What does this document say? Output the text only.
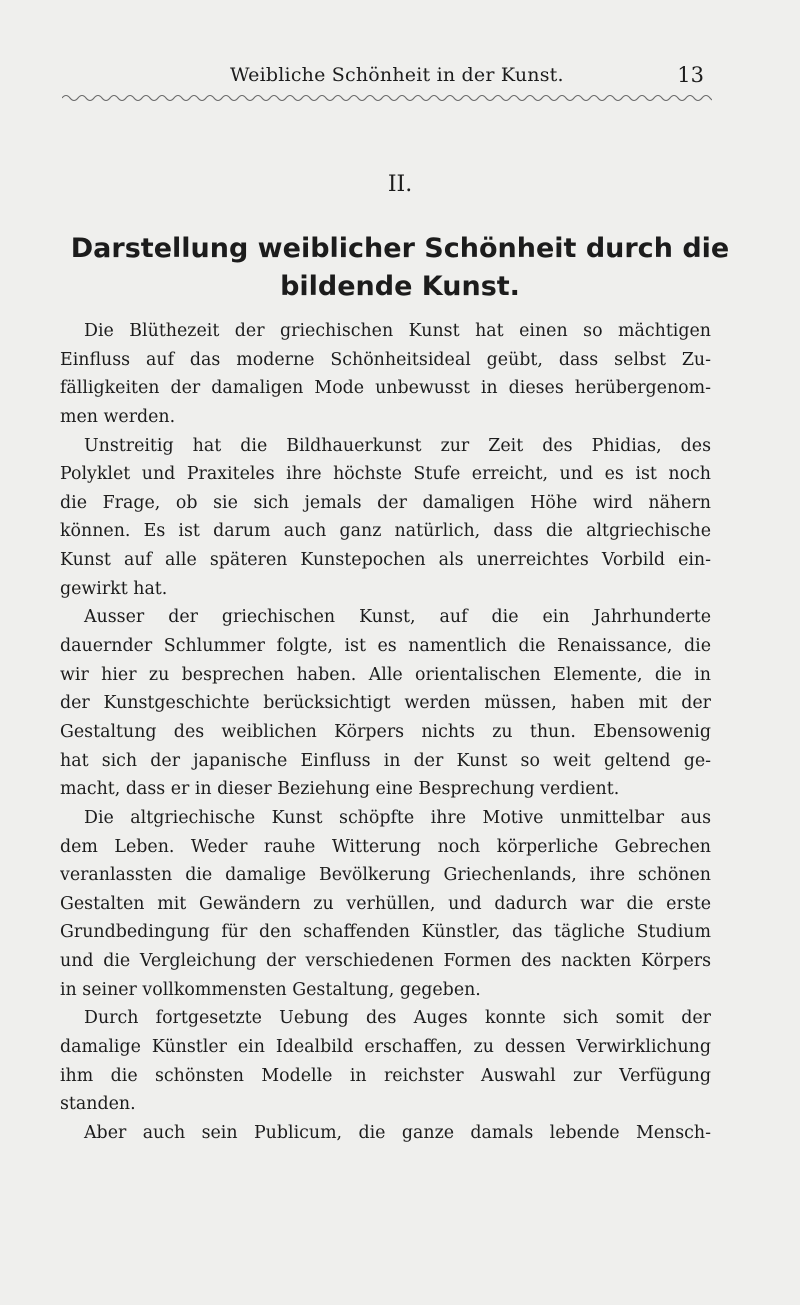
Weibliche Schönheit in der Kunst.	13
II.
Darstellung weiblicher Schönheit durch die
bildende Kunst.
Die Blüthezeit der griechischen Kunst hat einen so mächtigen
Einfluss auf das moderne Schönheitsideal geübt, dass selbst Zu-
fälligkeiten der damaligen Mode unbewusst in dieses herübergenom-
men werden.
Unstreitig hat die Bildhauerkunst zur Zeit des Phidias, des
Polyklet und Praxiteles ihre höchste Stufe erreicht, und es ist noch
die Frage, ob sie sich jemals der damaligen Höhe wird nähern
können. Es ist darum auch ganz natürlich, dass die altgriechische
Kunst auf alle späteren Kunstepochen als unerreichtes Vorbild ein-
gewirkt hat.
Ausser der griechischen Kunst, auf die ein Jahrhunderte
dauernder Schlummer folgte, ist es namentlich die Renaissance, die
wir hier zu besprechen haben. Alle orientalischen Elemente, die in
der Kunstgeschichte berücksichtigt werden müssen, haben mit der
Gestaltung des weiblichen Körpers nichts zu thun. Ebensowenig
hat sich der japanische Einfluss in der Kunst so weit geltend ge-
macht, dass er in dieser Beziehung eine Besprechung verdient.
Die altgriechische Kunst schöpfte ihre Motive unmittelbar aus
dem Leben. Weder rauhe Witterung noch körperliche Gebrechen
veranlassten die damalige Bevölkerung Griechenlands, ihre schönen
Gestalten mit Gewändern zu verhüllen, und dadurch war die erste
Grundbedingung für den schaffenden Künstler, das tägliche Studium
und die Vergleichung der verschiedenen Formen des nackten Körpers
in seiner vollkommensten Gestaltung, gegeben.
Durch fortgesetzte Uebung des Auges konnte sich somit der
damalige Künstler ein Idealbild erschaffen, zu dessen Verwirklichung
ihm die schönsten Modelle in reichster Auswahl zur Verfügung
standen.
Aber auch sein Publicum, die ganze damals lebende Mensch-
